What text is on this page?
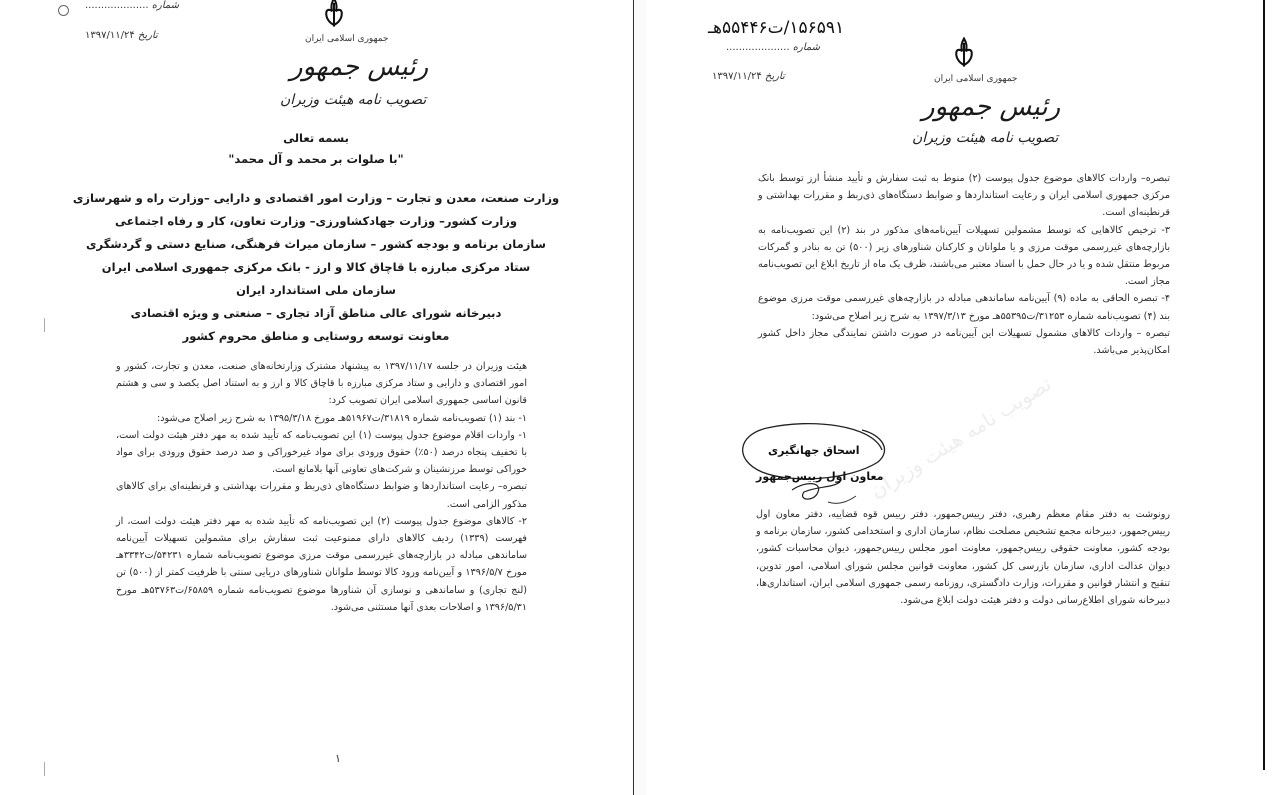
شماره ....................
تاریخ ۱۳۹۷/۱۱/۲۴	جمهوری اسلامی ایران
رئیس جمهور
تصویب نامه هیئت وزیران
بسمه تعالی
"با صلوات بر محمد و آل محمد"
وزارت صنعت، معدن و تجارت – وزارت امور اقتصادی و دارایی –وزارت راه و شهرسازی
وزارت کشور– وزارت جهادکشاورزی– وزارت تعاون، کار و رفاه اجتماعی
سازمان برنامه و بودجه کشور – سازمان میراث فرهنگی، صنایع دستی و گردشگری
ستاد مرکزی مبارزه با قاچاق کالا و ارز - بانک مرکزی جمهوری اسلامی ایران
سازمان ملی استاندارد ایران
دبیرخانه شورای عالی مناطق آزاد تجاری – صنعتی و ویژه اقتصادی
معاونت توسعه روستایی و مناطق محروم کشور

هیئت وزیران در جلسه ۱۳۹۷/۱۱/۱۷ به پیشنهاد مشترک وزارتخانه‌های صنعت، معدن و تجارت، کشور و امور اقتصادی و دارایی و ستاد مرکزی مبارزه با قاچاق کالا و ارز و به استناد اصل یکصد و سی و هشتم قانون اساسی جمهوری اسلامی ایران تصویب کرد:

۱- بند (۱) تصویب‌نامه شماره ۳۱۸۱۹/ت۵۱۹۶۷هـ مورخ ۱۳۹۵/۳/۱۸ به شرح زیر اصلاح می‌شود:

۱- واردات اقلام موضوع جدول پیوست (۱) این تصویب‌نامه که تأیید شده به مهر دفتر هیئت دولت است، با تخفیف پنجاه درصد (۵۰٪) حقوق ورودی برای مواد غیرخوراکی و صد درصد حقوق ورودی برای مواد خوراکی توسط مرزنشینان و شرکت‌های تعاونی آنها بلامانع است.

تبصره– رعایت استانداردها و ضوابط دستگاه‌های ذی‌ربط و مقررات بهداشتی و قرنطینه‌ای برای کالاهای مذکور الزامی است.

۲- کالاهای موضوع جدول پیوست (۲) این تصویب‌نامه که تأیید شده به مهر دفتر هیئت دولت است، از فهرست (۱۳۳۹) ردیف کالاهای دارای ممنوعیت ثبت سفارش برای مشمولین تسهیلات آیین‌نامه ساماندهی مبادله در بازارچه‌های غیررسمی موقت مرزی موضوع تصویب‌نامه شماره ۵۴۲۳۱/ت۳۳۴۲هـ مورخ ۱۳۹۶/۵/۷ و آیین‌نامه ورود کالا توسط ملوانان شناورهای دریایی سنتی با ظرفیت کمتر از (۵۰۰) تن (لنج تجاری) و ساماندهی و نوسازی آن شناورها موضوع تصویب‌نامه شماره ۶۵۸۵۹/ت۵۳۷۶۳هـ مورخ ۱۳۹۶/۵/۳۱ و اصلاحات بعدی آنها مستثنی می‌شود.

۱
۱۵۶۵۹۱/ت۵۵۴۴۶هـ
شماره ....................
تاریخ ۱۳۹۷/۱۱/۲۴	جمهوری اسلامی ایران
رئیس جمهور
تصویب نامه هیئت وزیران
تصویب نامه هیئت وزیران

تبصره– واردات کالاهای موضوع جدول پیوست (۲) منوط به ثبت سفارش و تأیید منشأ ارز توسط بانک مرکزی جمهوری اسلامی ایران و رعایت استانداردها و ضوابط دستگاه‌های ذی‌ربط و مقررات بهداشتی و قرنطینه‌ای است.

۳- ترخیص کالاهایی که توسط مشمولین تسهیلات آیین‌نامه‌های مذکور در بند (۲) این تصویب‌نامه به بازارچه‌های غیررسمی موقت مرزی و یا ملوانان و کارکنان شناورهای زیر (۵۰۰) تن به بنادر و گمرکات مربوط منتقل شده و یا در حال حمل با اسناد معتبر می‌باشند، ظرف یک ماه از تاریخ ابلاغ این تصویب‌نامه مجاز است.

۴- تبصره الحاقی به ماده (۹) آیین‌نامه ساماندهی مبادله در بازارچه‌های غیررسمی موقت مرزی موضوع بند (۴) تصویب‌نامه شماره ۳۱۲۵۳/ت۵۵۳۹۵هـ مورخ ۱۳۹۷/۳/۱۳ به شرح زیر اصلاح می‌شود:

تبصره – واردات کالاهای مشمول تسهیلات این آیین‌نامه در صورت داشتن نمایندگی مجاز داخل کشور امکان‌پذیر می‌باشد.

اسحاق جهانگیری
معاون اول رییس‌جمهور

رونوشت به دفتر مقام معظم رهبری، دفتر رییس‌جمهور، دفتر رییس قوه قضاییه، دفتر معاون اول رییس‌جمهور، دبیرخانه مجمع تشخیص مصلحت نظام، سازمان اداری و استخدامی کشور، سازمان برنامه و بودجه کشور، معاونت حقوقی رییس‌جمهور، معاونت امور مجلس رییس‌جمهور، دیوان محاسبات کشور، دیوان عدالت اداری، سازمان بازرسی کل کشور، معاونت قوانین مجلس شورای اسلامی، امور تدوین، تنقیح و انتشار قوانین و مقررات، وزارت دادگستری، روزنامه رسمی جمهوری اسلامی ایران، استانداری‌ها، دبیرخانه شورای اطلاع‌رسانی دولت و دفتر هیئت دولت ابلاغ می‌شود.
